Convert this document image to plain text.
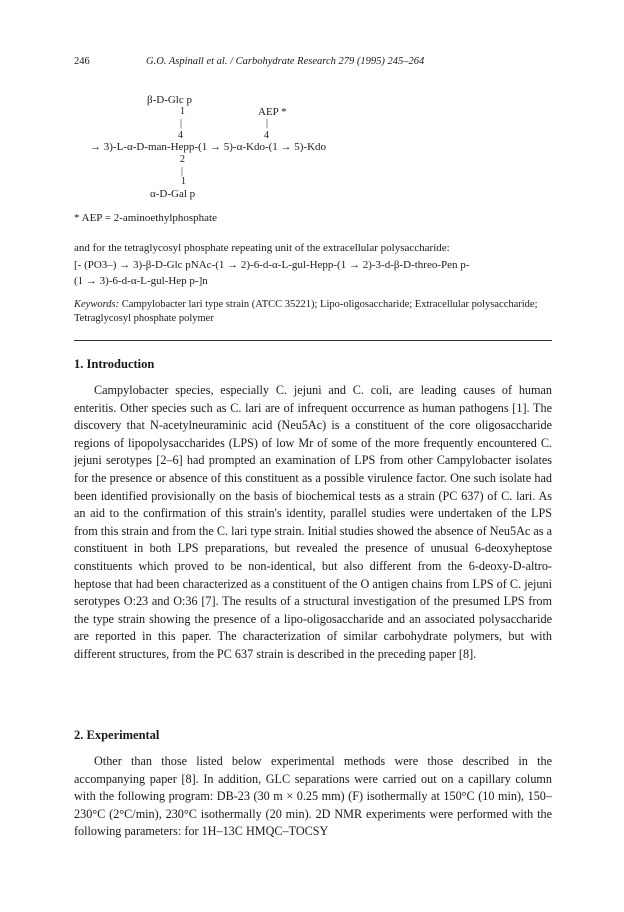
246	G.O. Aspinall et al. / Carbohydrate Research 279 (1995) 245–264
β-D-Glc p
1
|
AEP *
|
4	4
→ 3)-L-α-D-man-Hepp-(1 → 5)-α-Kdo-(1 → 5)-Kdo
2
|
1
α-D-Gal p
* AEP = 2-aminoethylphosphate
and for the tetraglycosyl phosphate repeating unit of the extracellular polysaccharide:
[- (PO3–) → 3)-β-D-Glc pNAc-(1 → 2)-6-d-α-L-gul-Hepp-(1 → 2)-3-d-β-D-threo-Pen p-
(1 → 3)-6-d-α-L-gul-Hep p-]n
Keywords: Campylobacter lari type strain (ATCC 35221); Lipo-oligosaccharide; Extracellular polysaccharide; Tetraglycosyl phosphate polymer
1. Introduction

Campylobacter species, especially C. jejuni and C. coli, are leading causes of human enteritis. Other species such as C. lari are of infrequent occurrence as human pathogens [1]. The discovery that N-acetylneuraminic acid (Neu5Ac) is a constituent of the core oligosaccharide regions of lipopolysaccharides (LPS) of low Mr of some of the more frequently encountered C. jejuni serotypes [2–6] had prompted an examination of LPS from other Campylobacter isolates for the presence or absence of this constituent as a possible virulence factor. One such isolate had been identified provisionally on the basis of biochemical tests as a strain (PC 637) of C. lari. As an aid to the confirmation of this strain's identity, parallel studies were undertaken of the LPS from this strain and from the C. lari type strain. Initial studies showed the absence of Neu5Ac as a constituent in both LPS preparations, but revealed the presence of unusual 6-deoxyheptose constituents which proved to be non-identical, but also different from the 6-deoxy-D-altro-heptose that had been characterized as a constituent of the O antigen chains from LPS of C. jejuni serotypes O:23 and O:36 [7]. The results of a structural investigation of the presumed LPS from the type strain showing the presence of a lipo-oligosaccharide and an associated polysaccharide are reported in this paper. The characterization of similar carbohydrate polymers, but with different structures, from the PC 637 strain is described in the preceding paper [8].

2. Experimental

Other than those listed below experimental methods were those described in the accompanying paper [8]. In addition, GLC separations were carried out on a capillary column with the following program: DB-23 (30 m × 0.25 mm) (F) isothermally at 150°C (10 min), 150–230°C (2°C/min), 230°C isothermally (20 min). 2D NMR experiments were performed with the following parameters: for 1H–13C HMQC–TOCSY
